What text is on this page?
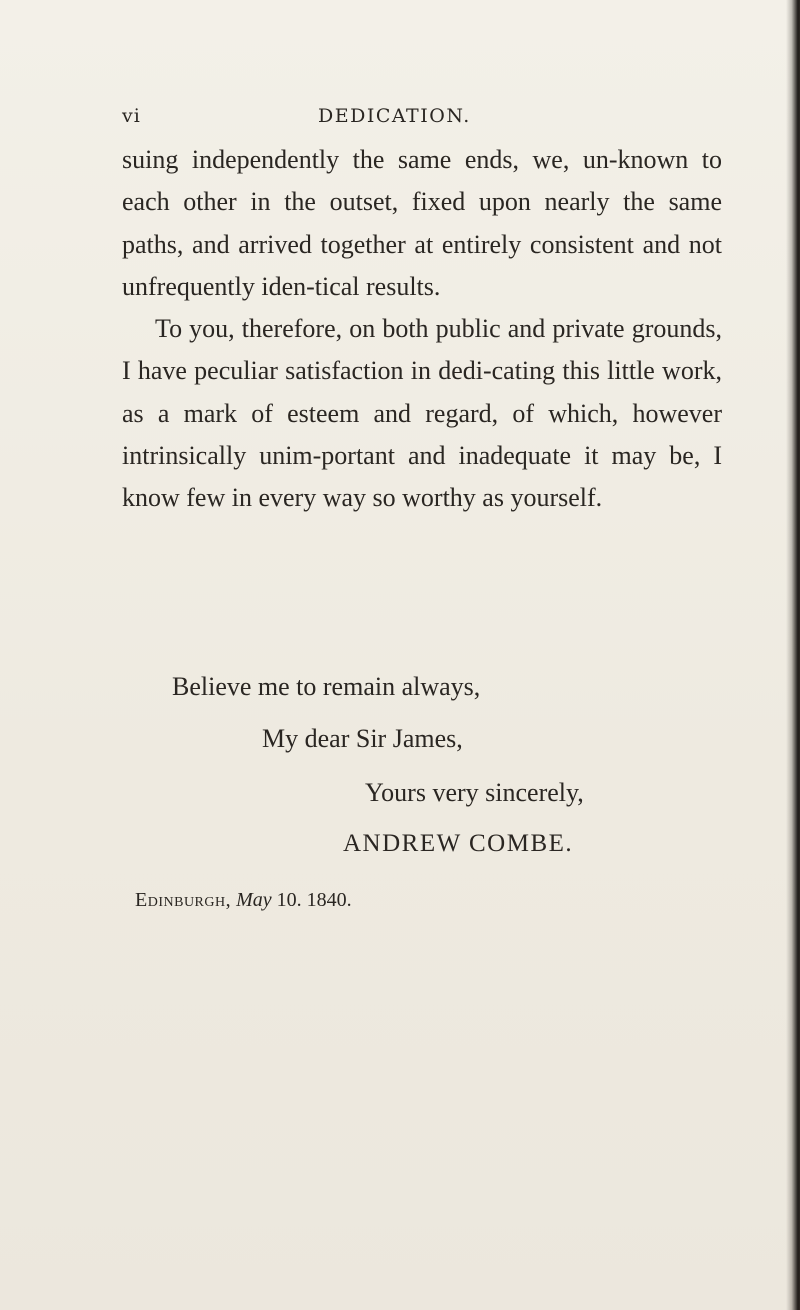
vi	DEDICATION.

suing independently the same ends, we, un-known to each other in the outset, fixed upon nearly the same paths, and arrived together at entirely consistent and not unfrequently iden-tical results.

To you, therefore, on both public and private grounds, I have peculiar satisfaction in dedi-cating this little work, as a mark of esteem and regard, of which, however intrinsically unim-portant and inadequate it may be, I know few in every way so worthy as yourself.

Believe me to remain always,
My dear Sir James,
Yours very sincerely,
ANDREW COMBE.
Edinburgh, May 10. 1840.
